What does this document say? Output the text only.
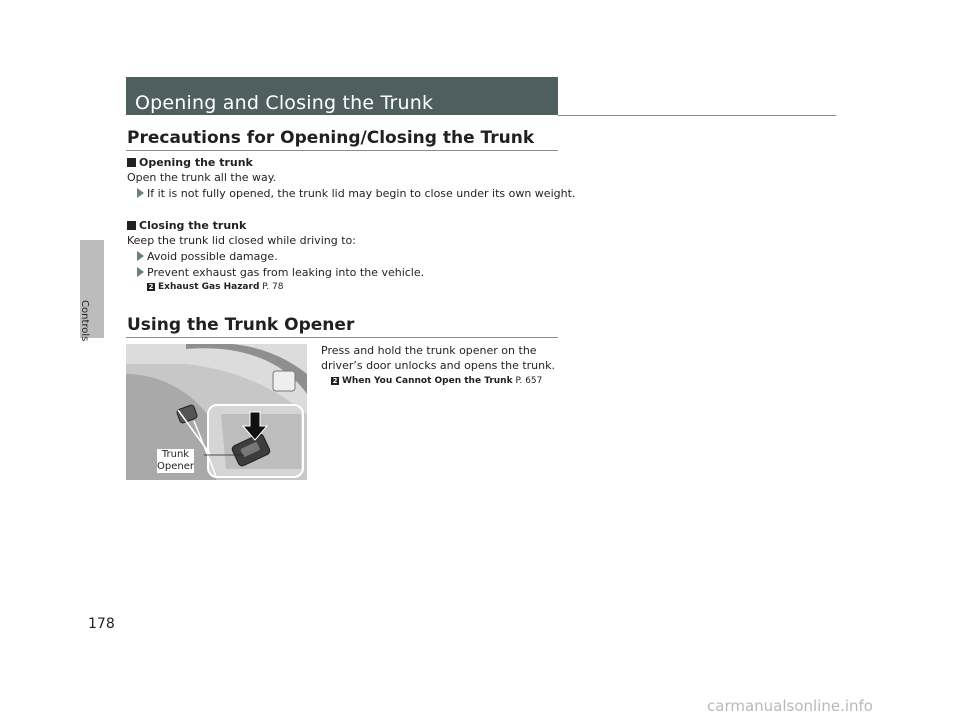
Controls
Opening and Closing the Trunk
Precautions for Opening/Closing the Trunk
Opening the trunk
Open the trunk all the way.
If it is not fully opened, the trunk lid may begin to close under its own weight.
Closing the trunk
Keep the trunk lid closed while driving to:
Avoid possible damage.
Prevent exhaust gas from leaking into the vehicle.
2 Exhaust Gas Hazard P. 78
Using the Trunk Opener
Trunk
Opener
Press and hold the trunk opener on the
driver’s door unlocks and opens the trunk.
2 When You Cannot Open the Trunk P. 657
178
carmanualsonline.info
